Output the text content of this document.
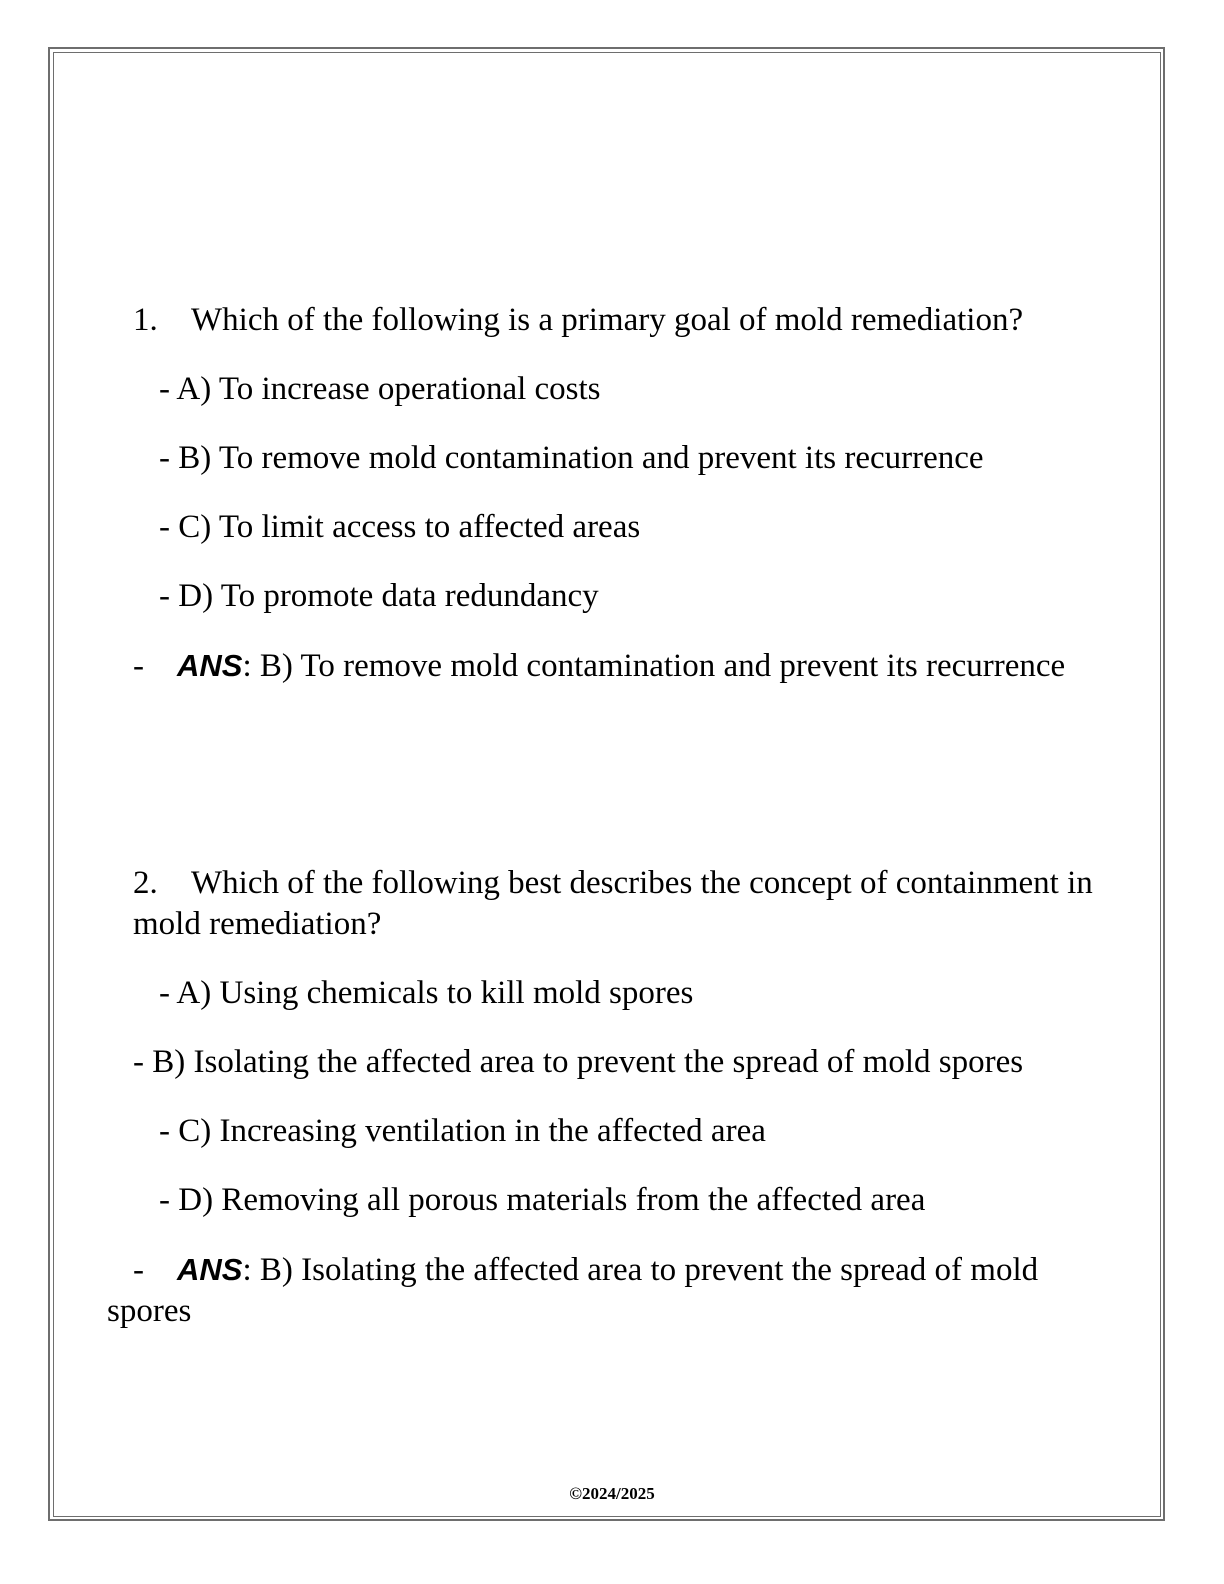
1. Which of the following is a primary goal of mold remediation?

- A) To increase operational costs

- B) To remove mold contamination and prevent its recurrence

- C) To limit access to affected areas

- D) To promote data redundancy

- ANS: B) To remove mold contamination and prevent its recurrence

2. Which of the following best describes the concept of containment in mold remediation?

- A) Using chemicals to kill mold spores

- B) Isolating the affected area to prevent the spread of mold spores

- C) Increasing ventilation in the affected area

- D) Removing all porous materials from the affected area

- ANS: B) Isolating the affected area to prevent the spread of mold spores

©2024/2025
